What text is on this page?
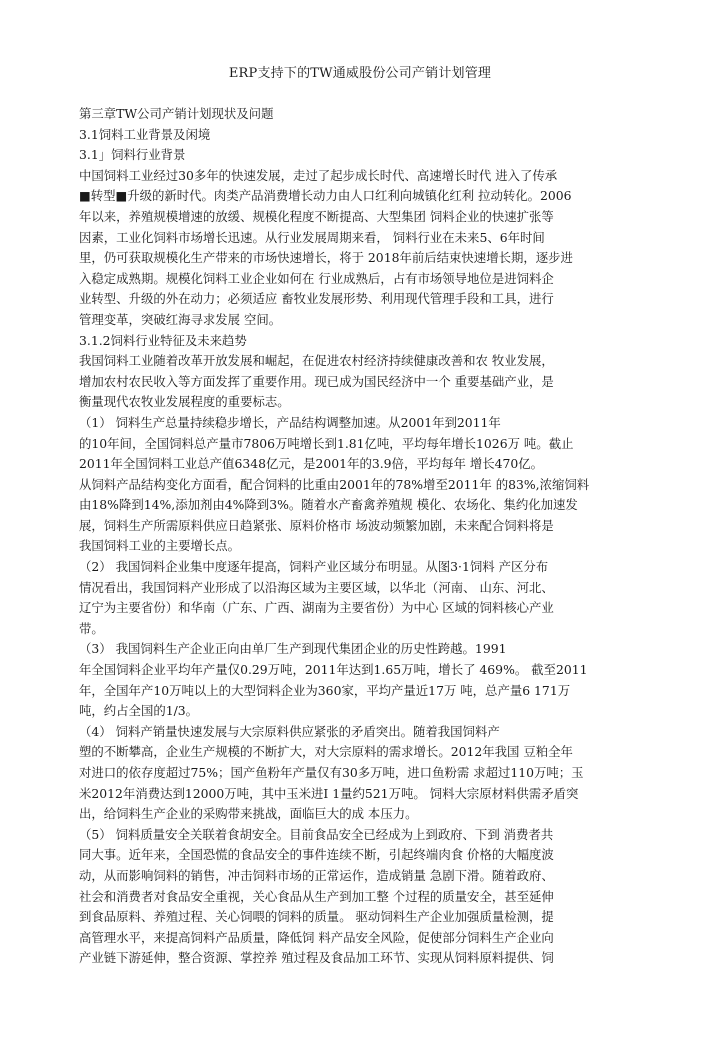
ERP支持下的TW通威股份公司产销计划管理
第三章TW公司产销计划现状及问题
3.1饲料工业背景及闲境
3.1」饲料行业背景
中国饲料工业经过30多年的快速发展，走过了起步成长时代、高速增长时代 进入了传承
■转型■升级的新时代。肉类产品消费增长动力由人口红利向城镇化红利 拉动转化。2006
年以来，养殖规模增速的放缓、规模化程度不断提高、大型集团 饲料企业的快速扩张等
因素，工业化饲料市场增长迅速。从行业发展周期来看， 饲料行业在未来5、6年时间
里，仍可获取规模化生产带来的市场快速增长，将于 2018年前后结束快速增长期，逐步进
入稳定成熟期。规模化饲料工业企业如何在 行业成熟后，占有市场领导地位是进饲料企
业转型、升级的外在动力；必须适应 畜牧业发展形势、利用现代管理手段和工具，进行
管理变革，突破红海寻求发展 空间。
3.1.2饲料行业特征及未来趋势
我国饲料工业随着改革开放发展和崛起，在促进农村经济持续健康改善和农 牧业发展，
增加农村农民收入等方面发挥了重要作用。现已成为国民经济中一个 重要基础产业，是
衡量现代农牧业发展程度的重要标志。
（1） 饲料生产总量持续稳步增长，产品结构调整加速。从2001年到2011年
的10年间，全国饲料总产量市7806万吨增长到1.81亿吨，平均每年增长1026万 吨。截止
2011年全国饲料工业总产值6348亿元，是2001年的3.9倍，平均每年 增长470亿。
从饲料产品结构变化方面看，配合饲料的比重由2001年的78%增至2011年 的83%,浓缩饲料
由18%降到14%,添加剂由4%降到3%。随着水产畜禽养殖规 模化、农场化、集约化加速发
展，饲料生产所需原料供应日趋紧张、原料价格市 场波动频繁加剧，未来配合饲料将是
我国饲料工业的主要增长点。
（2） 我国饲料企业集中度逐年提高，饲料产业区域分布明显。从图3·1饲料 产区分布
情况看出，我国饲料产业形成了以沿海区域为主要区域，以华北（河南、 山东、河北、
辽宁为主要省份）和华南（广东、广西、湖南为主要省份）为中心 区域的饲料核心产业
带。
（3） 我国饲料生产企业正向由单厂生产到现代集团企业的历史性跨越。1991
年全国饲料企业平均年产量仅0.29万吨，2011年达到1.65万吨，增长了 469%。 截至2011
年，全国年产10万吨以上的大型饲料企业为360家，平均产量近17万 吨，总产量6 171万
吨，约占全国的1/3。
（4） 饲料产销量快速发展与大宗原料供应紧张的矛盾突出。随着我国饲料产
塑的不断攀高，企业生产规模的不断扩大，对大宗原料的需求增长。2012年我国 豆粕全年
对进口的依存度超过75%；国产鱼粉年产量仅有30多万吨，进口鱼粉需 求超过110万吨；玉
米2012年消费达到12000万吨，其中玉米进I 1量约521万吨。 饲料大宗原材料供需矛盾突
出，给饲料生产企业的采购带来挑战，面临巨大的成 本压力。
（5） 饲料质量安全关联着食胡安全。目前食品安全已经成为上到政府、下到 消费者共
同大事。近年来，全国恐慌的食品安全的事件连续不断，引起终端肉食 价格的大幅度波
动，从而影响饲料的销售，冲击饲料市场的正常运作，造成销量 急剧下滑。随着政府、
社会和消费者对食品安全重视，关心食品从生产到加工整 个过程的质量安全，甚至延伸
到食品原料、养殖过程、关心饲喂的饲料的质量。 驱动饲料生产企业加强质量检测，提
高管理水平，来提高饲料产品质量，降低饲 料产品安全风险，促使部分饲料生产企业向
产业链下游延伸，整合资源、掌控养 殖过程及食品加工环节、实现从饲料原料提供、饲
